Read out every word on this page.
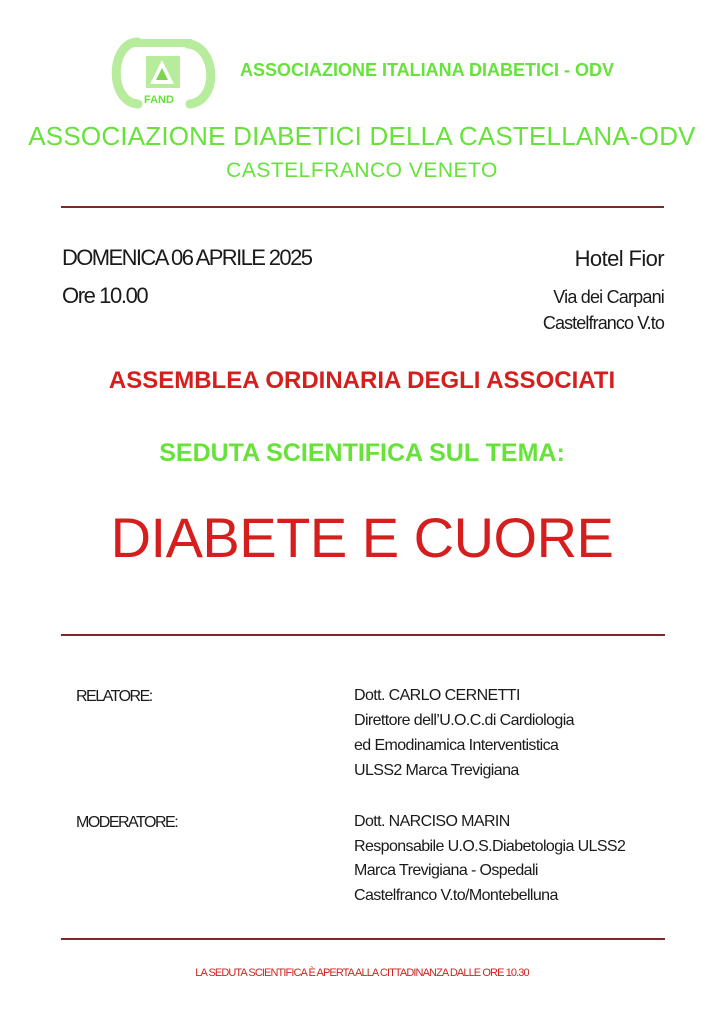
FAND
ASSOCIAZIONE ITALIANA DIABETICI - ODV
ASSOCIAZIONE DIABETICI DELLA CASTELLANA-ODV
CASTELFRANCO VENETO
DOMENICA 06 APRILE 2025
Ore 10.00
Hotel Fior
Via dei Carpani
Castelfranco V.to
ASSEMBLEA ORDINARIA DEGLI ASSOCIATI
SEDUTA SCIENTIFICA SUL TEMA:
DIABETE E CUORE
RELATORE:	Dott. CARLO CERNETTI
Direttore dell’U.O.C.di Cardiologia
ed Emodinamica Interventistica
ULSS2 Marca Trevigiana
MODERATORE:	Dott. NARCISO MARIN
Responsabile U.O.S.Diabetologia ULSS2
Marca Trevigiana - Ospedali
Castelfranco V.to/Montebelluna
LA SEDUTA SCIENTIFICA È APERTA ALLA CITTADINANZA DALLE ORE 10.30
